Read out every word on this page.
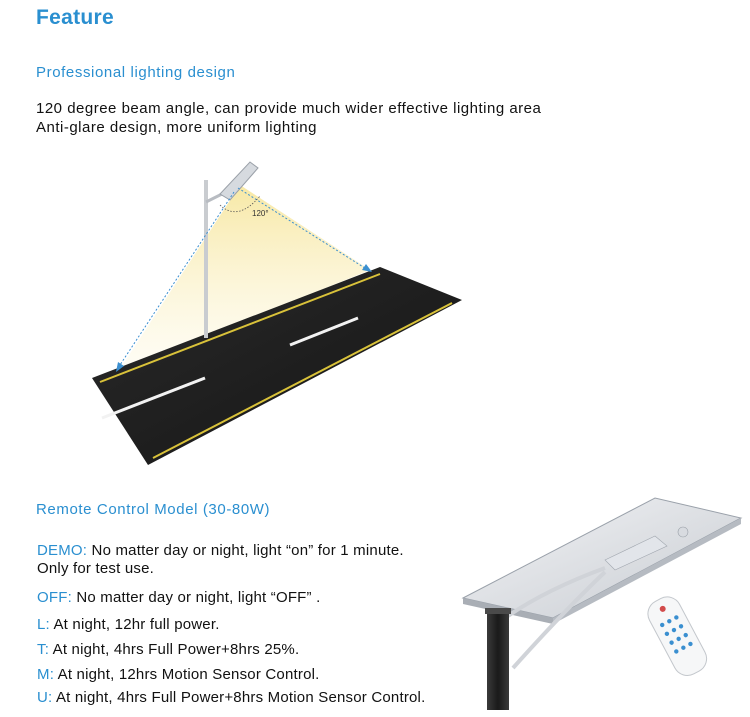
Feature
Professional lighting design
120 degree beam angle, can provide much wider effective lighting area
Anti-glare design, more uniform lighting
120°
Remote Control Model (30-80W)
DEMO: No matter day or night, light “on” for 1 minute.
Only for test use.
OFF: No matter day or night, light “OFF” .
L: At night, 12hr full power.
T: At night, 4hrs Full Power+8hrs 25%.
M: At night, 12hrs Motion Sensor Control.
U: At night, 4hrs Full Power+8hrs Motion Sensor Control.
